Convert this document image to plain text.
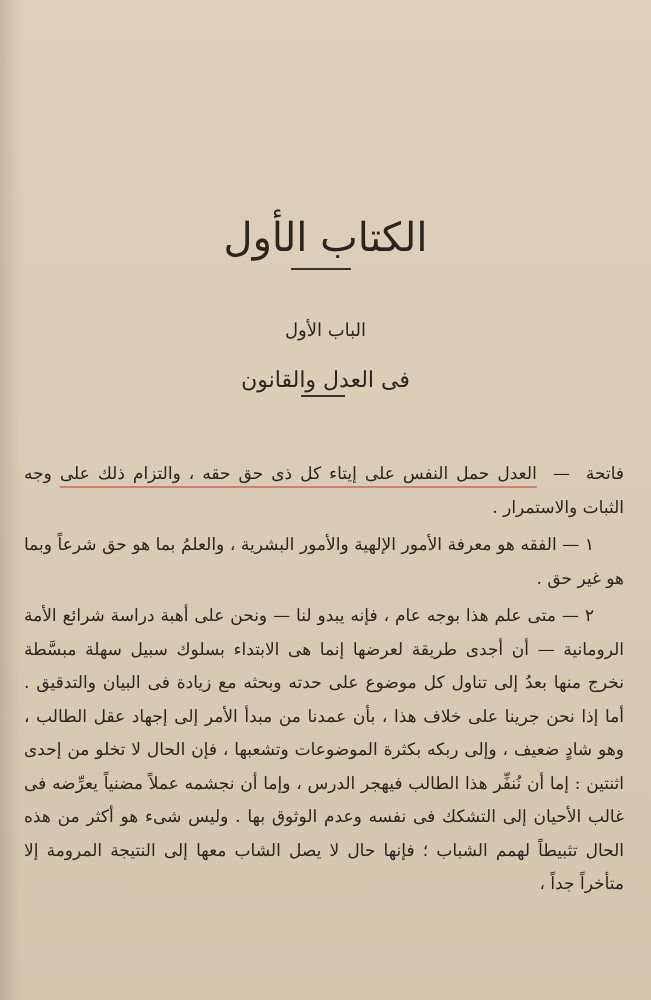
الكتاب الأول
الباب الأول
فى العدل والقانون

فاتحة  —  العدل حمل النفس على إيتاء كل ذى حق حقه ، والتزام ذلك على وجه الثبات والاستمرار .

١ — الفقه هو معرفة الأمور الإلهية والأمور البشرية ، والعلمُ بما هو حق شرعاً وبما هو غير حق .

٢ — متى علم هذا بوجه عام ، فإنه يبدو لنا — ونحن على أهبة دراسة شرائع الأمة الرومانية — أن أجدى طريقة لعرضها إنما هى الابتداء بسلوك سبيل سهلة مبسَّطة نخرج منها بعدُ إلى تناول كل موضوع على حدته وبحثه مع زيادة فى البيان والتدقيق . أما إذا نحن جرينا على خلاف هذا ، بأن عمدنا من مبدأ الأمر إلى إجهاد عقل الطالب ، وهو شادٍ ضعيف ، وإلى ربكه بكثرة الموضوعات وتشعبها ، فإن الحال لا تخلو من إحدى اثنتين : إما أن نُنفِّر هذا الطالب فيهجر الدرس ، وإما أن نجشمه عملاً مضنياً يعرِّضه فى غالب الأحيان إلى التشكك فى نفسه وعدم الوثوق بها . وليس شىء هو أكثر من هذه الحال تثبيطاً لهمم الشباب ؛ فإنها حال لا يصل الشاب معها إلى النتيجة المرومة إلا متأخراً جداً ،
